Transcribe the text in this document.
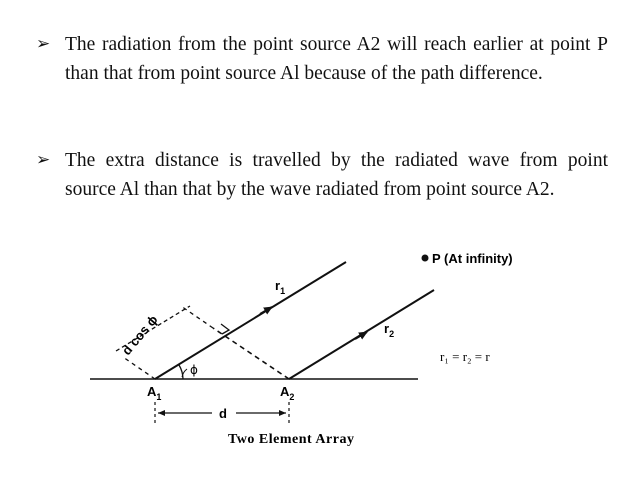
➢ The radiation from the point source A2 will reach earlier at point P than that from point source Al because of the path difference.
➢ The extra distance is travelled by the radiated wave from point source Al than that by the wave radiated from point source A2.
P (At infinity)
$r_1$
$r_2$
d cos ϕ
ϕ
$A_1$	$A_2$
d
r₁ = r₂ = r
Two Element Array
